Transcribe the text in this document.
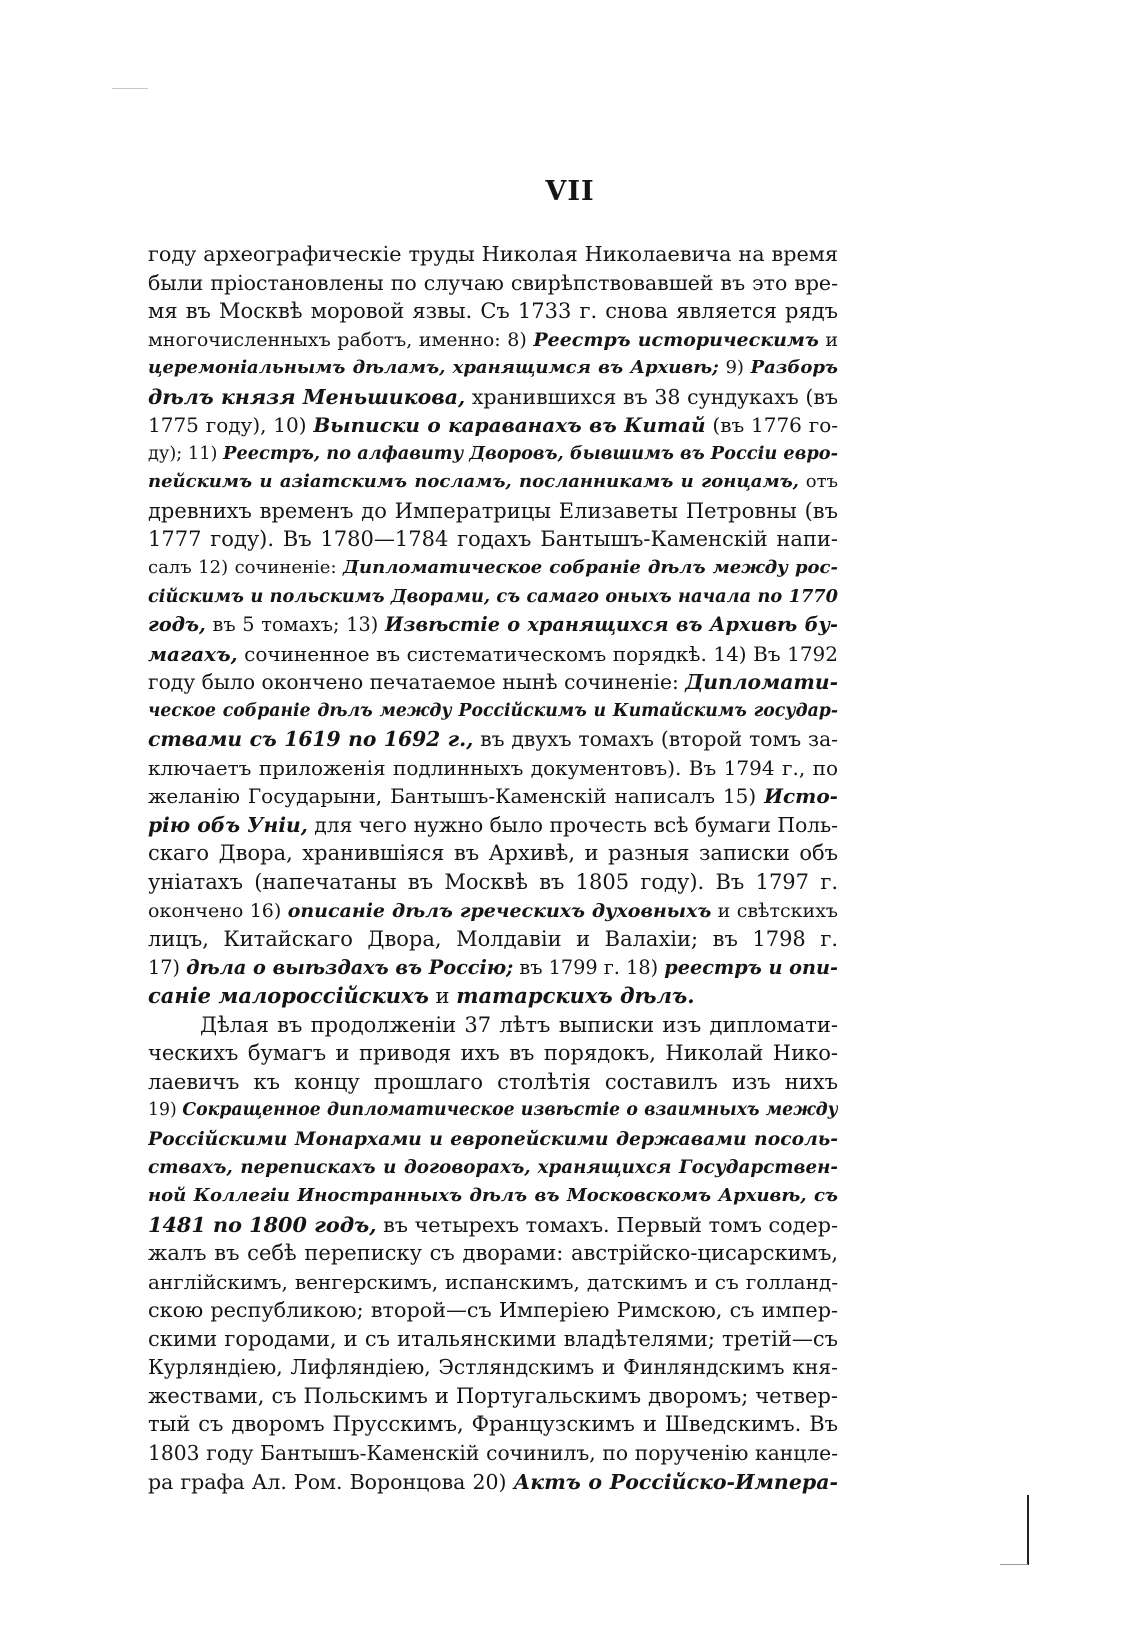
VII
году археографическіе труды Николая Николаевича на время
были пріостановлены по случаю свирѣпствовавшей въ это вре-
мя въ Москвѣ моровой язвы. Съ 1733 г. снова является рядъ
многочисленныхъ работъ, именно: 8) Реестръ историческимъ и
церемоніальнымъ дѣламъ, хранящимся въ Архивѣ; 9) Разборъ
дѣлъ князя Меньшикова, хранившихся въ 38 сундукахъ (въ
1775 году), 10) Выписки о караванахъ въ Китай (въ 1776 го-
ду); 11) Реестръ, по алфавиту Дворовъ, бывшимъ въ Россіи евро-
пейскимъ и азіатскимъ посламъ, посланникамъ и гонцамъ, отъ
древнихъ временъ до Императрицы Елизаветы Петровны (въ
1777 году). Въ 1780—1784 годахъ Бантышъ-Каменскій напи-
салъ 12) сочиненіе: Дипломатическое собраніе дѣлъ между рос-
сійскимъ и польскимъ Дворами, съ самаго оныхъ начала по 1770
годъ, въ 5 томахъ; 13) Извѣстіе о хранящихся въ Архивѣ бу-
магахъ, сочиненное въ систематическомъ порядкѣ. 14) Въ 1792
году было окончено печатаемое нынѣ сочиненіе: Дипломати-
ческое собраніе дѣлъ между Россійскимъ и Китайскимъ государ-
ствами съ 1619 по 1692 г., въ двухъ томахъ (второй томъ за-
ключаетъ приложенія подлинныхъ документовъ). Въ 1794 г., по
желанію Государыни, Бантышъ-Каменскій написалъ 15) Исто-
рію объ Уніи, для чего нужно было прочесть всѣ бумаги Поль-
скаго Двора, хранившіяся въ Архивѣ, и разныя записки объ
уніатахъ (напечатаны въ Москвѣ въ 1805 году). Въ 1797 г.
окончено 16) описаніе дѣлъ греческихъ духовныхъ и свѣтскихъ
лицъ, Китайскаго Двора, Молдавіи и Валахіи; въ 1798 г.
17) дѣла о выѣздахъ въ Россію; въ 1799 г. 18) реестръ и опи-
саніе малороссійскихъ и татарскихъ дѣлъ.
Дѣлая въ продолженіи 37 лѣтъ выписки изъ дипломати-
ческихъ бумагъ и приводя ихъ въ порядокъ, Николай Нико-
лаевичъ къ концу прошлаго столѣтія составилъ изъ нихъ
19) Сокращенное дипломатическое извѣстіе о взаимныхъ между
Россійскими Монархами и европейскими державами посоль-
ствахъ, перепискахъ и договорахъ, хранящихся Государствен-
ной Коллегіи Иностранныхъ дѣлъ въ Московскомъ Архивѣ, съ
1481 по 1800 годъ, въ четырехъ томахъ. Первый томъ содер-
жалъ въ себѣ переписку съ дворами: австрійско-цисарскимъ,
англійскимъ, венгерскимъ, испанскимъ, датскимъ и съ голланд-
скою республикою; второй—съ Имперіею Римскою, съ импер-
скими городами, и съ итальянскими владѣтелями; третій—съ
Курляндіею, Лифляндіею, Эстляндскимъ и Финляндскимъ кня-
жествами, съ Польскимъ и Португальскимъ дворомъ; четвер-
тый съ дворомъ Прусскимъ, Французскимъ и Шведскимъ. Въ
1803 году Бантышъ-Каменскій сочинилъ, по порученію канцле-
ра графа Ал. Ром. Воронцова 20) Актъ о Россійско-Импера-
